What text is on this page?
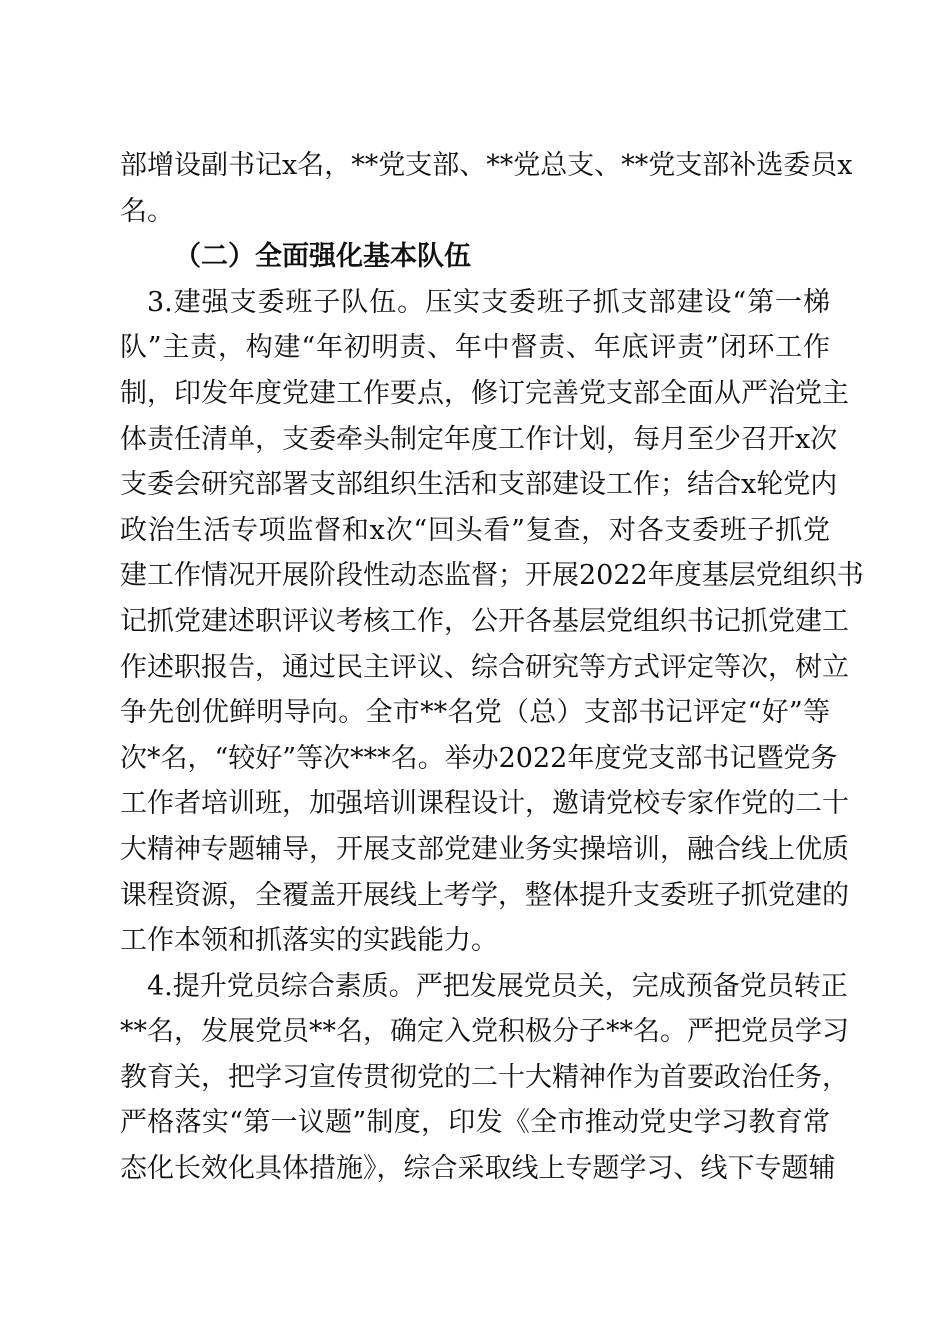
部增设副书记x名，**党支部、**党总支、**党支部补选委员x
名。
（二）全面强化基本队伍
3.建强支委班子队伍。压实支委班子抓支部建设“第一梯
队”主责，构建“年初明责、年中督责、年底评责”闭环工作
制，印发年度党建工作要点，修订完善党支部全面从严治党主
体责任清单，支委牵头制定年度工作计划，每月至少召开x次
支委会研究部署支部组织生活和支部建设工作；结合x轮党内
政治生活专项监督和x次“回头看”复查，对各支委班子抓党
建工作情况开展阶段性动态监督；开展2022年度基层党组织书
记抓党建述职评议考核工作，公开各基层党组织书记抓党建工
作述职报告，通过民主评议、综合研究等方式评定等次，树立
争先创优鲜明导向。全市**名党（总）支部书记评定“好”等
次*名，“较好”等次***名。举办2022年度党支部书记暨党务
工作者培训班，加强培训课程设计，邀请党校专家作党的二十
大精神专题辅导，开展支部党建业务实操培训，融合线上优质
课程资源，全覆盖开展线上考学，整体提升支委班子抓党建的
工作本领和抓落实的实践能力。
4.提升党员综合素质。严把发展党员关，完成预备党员转正
**名，发展党员**名，确定入党积极分子**名。严把党员学习
教育关，把学习宣传贯彻党的二十大精神作为首要政治任务，
严格落实“第一议题”制度，印发《全市推动党史学习教育常
态化长效化具体措施》，综合采取线上专题学习、线下专题辅
